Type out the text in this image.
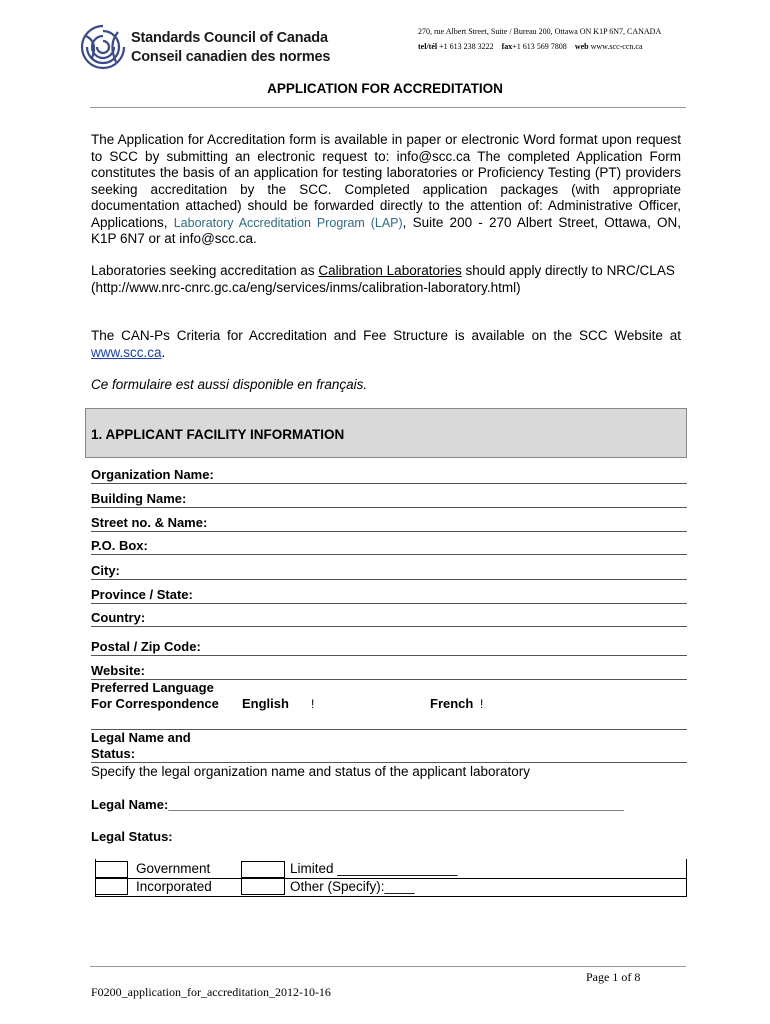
Standards Council of Canada
Conseil canadien des normes
270, rue Albert Street, Suite / Bureau 200, Ottawa ON K1P 6N7, CANADA
tel/tél +1 613 238 3222 fax+1 613 569 7808 web www.scc-ccn.ca
APPLICATION FOR ACCREDITATION
The Application for Accreditation form is available in paper or electronic Word format upon request to SCC by submitting an electronic request to: info@scc.ca The completed Application Form constitutes the basis of an application for testing laboratories or Proficiency Testing (PT) providers seeking accreditation by the SCC. Completed application packages (with appropriate documentation attached) should be forwarded directly to the attention of: Administrative Officer, Applications, Laboratory Accreditation Program (LAP), Suite 200 - 270 Albert Street, Ottawa, ON, K1P 6N7 or at info@scc.ca.
Laboratories seeking accreditation as Calibration Laboratories should apply directly to NRC/CLAS
(http://www.nrc-cnrc.gc.ca/eng/services/inms/calibration-laboratory.html)
The CAN-Ps Criteria for Accreditation and Fee Structure is available on the SCC Website at www.scc.ca.
Ce formulaire est aussi disponible en français.
1. APPLICANT FACILITY INFORMATION
Organization Name:
Building Name:
Street no. & Name:
P.O. Box:
City:
Province / State:
Country:
Postal / Zip Code:
Website:
Preferred Language
For Correspondence English ǃ	French ǃ
Legal Name and
Status:
Specify the legal organization name and status of the applicant laboratory
Legal Name:_______________________________________________________________
Legal Status:
Government
Incorporated
Limited ________________
Other (Specify):____
Page 1 of 8
F0200_application_for_accreditation_2012-10-16
